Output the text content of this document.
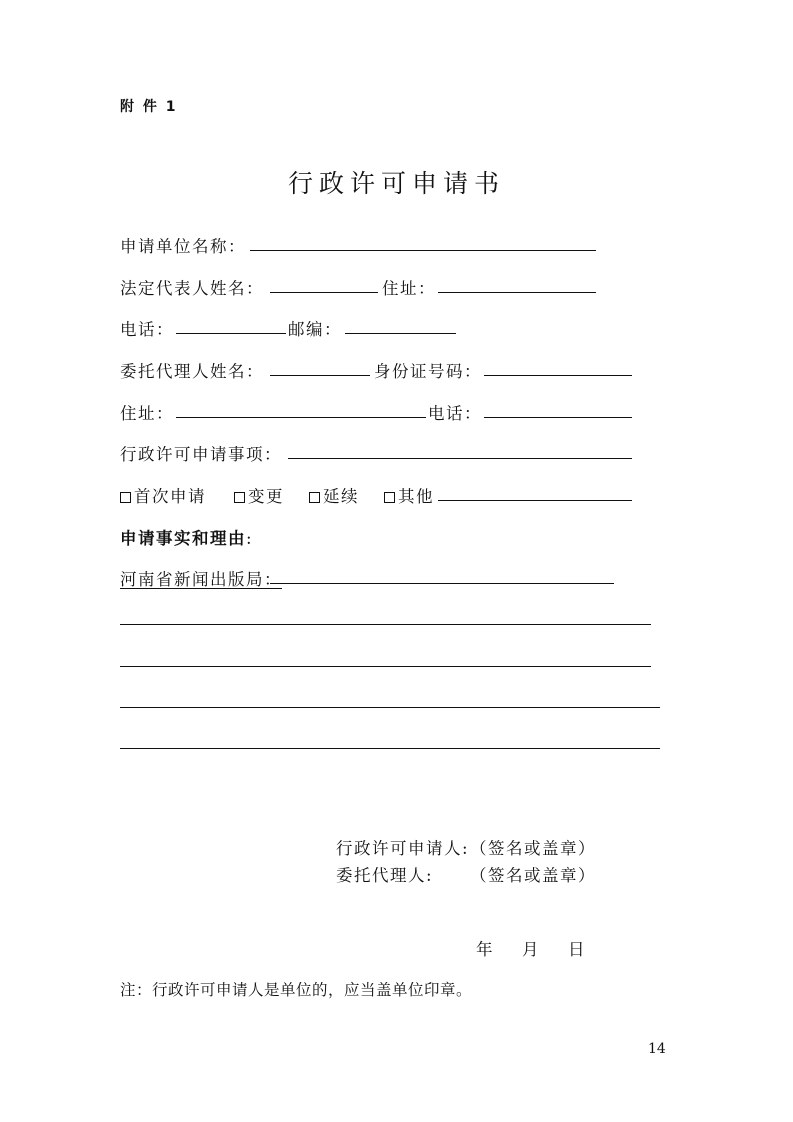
附 件 1
行政许可申请书
申请单位名称：
法定代表人姓名：	住址：
电话：	邮编：
委托代理人姓名：	身份证号码：
住址：	电话：
行政许可申请事项：
首次申请	变更	延续	其他
申请事实和理由:
河南省新闻出版局：
行政许可申请人: （签名或盖章）
委托代理人: （签名或盖章）
年 月 日
注：行政许可申请人是单位的，应当盖单位印章。
14
